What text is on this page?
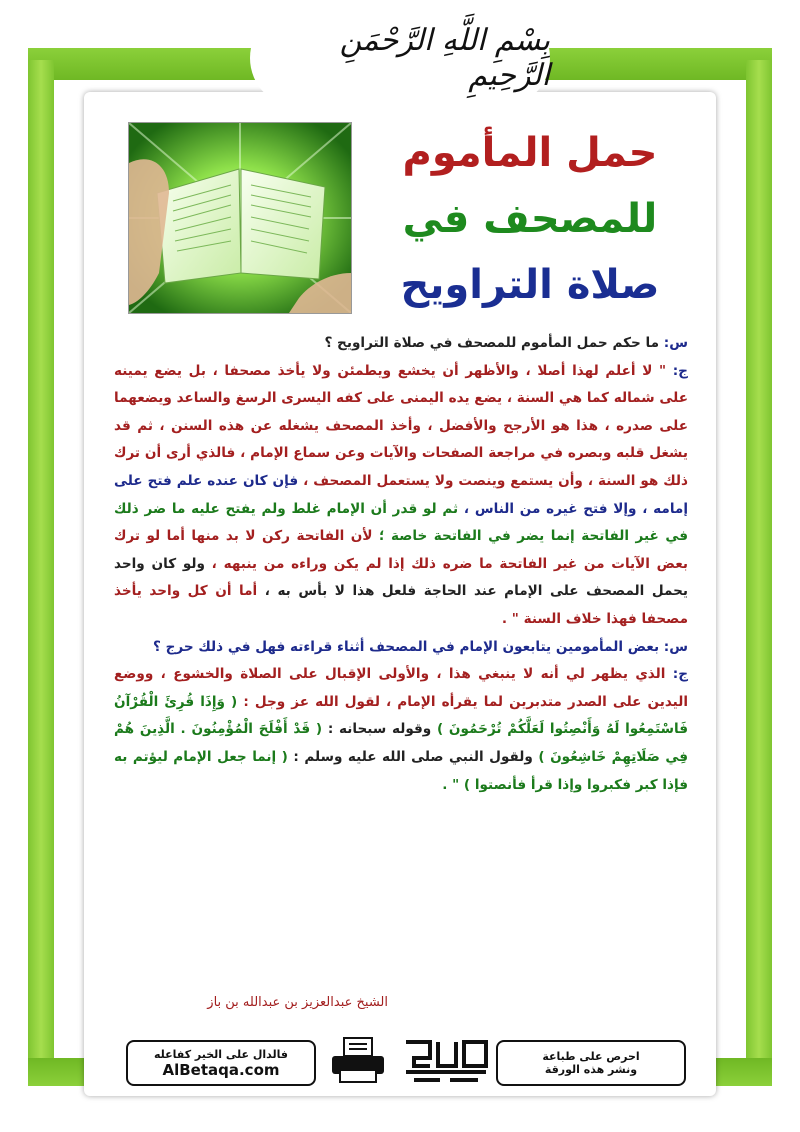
بِسْمِ اللَّهِ الرَّحْمَنِ الرَّحِيمِ
حمل المأموم
للمصحف في
صلاة التراويح

س: ما حكم حمل المأموم للمصحف في صلاة التراويح ؟

ج: " لا أعلم لهذا أصلا ، والأظهر أن يخشع ويطمئن ولا يأخذ مصحفا ، بل يضع يمينه على شماله كما هي السنة ، يضع يده اليمنى على كفه اليسرى الرسغ والساعد ويضعهما على صدره ، هذا هو الأرجح والأفضل ، وأخذ المصحف يشغله عن هذه السنن ، ثم قد يشغل قلبه وبصره في مراجعة الصفحات والآيات وعن سماع الإمام ، فالذي أرى أن ترك ذلك هو السنة ، وأن يستمع وينصت ولا يستعمل المصحف ، فإن كان عنده علم فتح على إمامه ، وإلا فتح غيره من الناس ، ثم لو قدر أن الإمام غلط ولم يفتح عليه ما ضر ذلك في غير الفاتحة إنما يضر في الفاتحة خاصة ؛ لأن الفاتحة ركن لا بد منها أما لو ترك بعض الآيات من غير الفاتحة ما ضره ذلك إذا لم يكن وراءه من ينبهه ، ولو كان واحد يحمل المصحف على الإمام عند الحاجة فلعل هذا لا بأس به ، أما أن كل واحد يأخذ مصحفا فهذا خلاف السنة " .

س: بعض المأمومين يتابعون الإمام في المصحف أثناء قراءته فهل في ذلك حرج ؟

ج: الذي يظهر لي أنه لا ينبغي هذا ، والأولى الإقبال على الصلاة والخشوع ، ووضع اليدين على الصدر متدبرين لما يقرأه الإمام ، لقول الله عز وجل : ( وَإِذَا قُرِئَ الْقُرْآنُ فَاسْتَمِعُوا لَهُ وَأَنْصِتُوا لَعَلَّكُمْ تُرْحَمُونَ ) وقوله سبحانه : ( قَدْ أَفْلَحَ الْمُؤْمِنُونَ . الَّذِينَ هُمْ فِي صَلَاتِهِمْ خَاشِعُونَ ) ولقول النبي صلى الله عليه وسلم : ( إنما جعل الإمام ليؤتم به فإذا كبر فكبروا وإذا قرأ فأنصتوا ) " .

الشيخ عبدالعزيز بن عبدالله بن باز
فالدال على الخير كفاعله
AlBetaqa.com
احرص على طباعة
ونشر هذه الورقة
